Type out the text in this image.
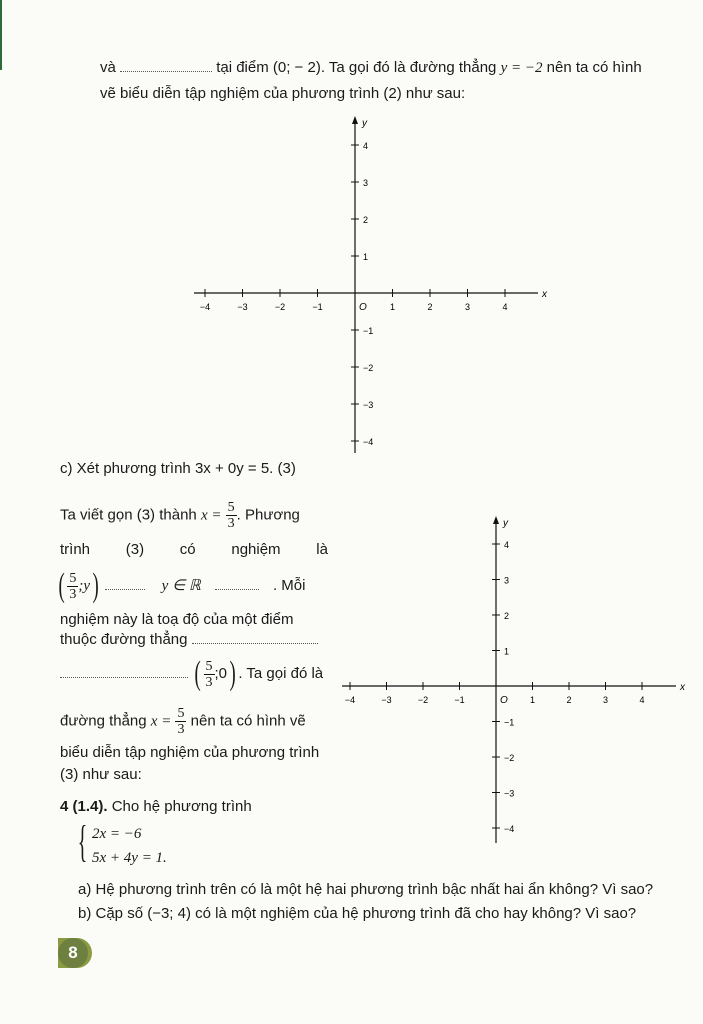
và	tại điểm (0; − 2). Ta gọi đó là đường thẳng y = −2 nên ta có hình
vẽ biểu diễn tập nghiệm của phương trình (2) như sau:
x
y
O
−4	−3	−2	−1	1	2	3	4
4
3
2
1
−1
−2
−3
−4
c) Xét phương trình 3x + 0y = 5. (3)
Ta viết gọn (3) thành $x = \frac{5}{3}$ . Phương
trình (3) có nghiệm là
( $\frac{5}{3}$ ;y)	y ∈ ℝ	. Mỗi
nghiệm này là toạ độ của một điểm
thuộc đường thẳng
( $\frac{5}{3}$ ;0) . Ta gọi đó là
đường thẳng $x = \frac{5}{3}$ nên ta có hình vẽ
biểu diễn tập nghiệm của phương trình
(3) như sau:
x
y
O
−4	−3	−2	−1	1	2	3	4
4
3
2
1
−1
−2
−3
−4
4 (1.4). Cho hệ phương trình
{ 2x = −6
5x + 4y = 1.
a) Hệ phương trình trên có là một hệ hai phương trình bậc nhất hai ẩn không? Vì sao?
b) Cặp số (−3; 4) có là một nghiệm của hệ phương trình đã cho hay không? Vì sao?
8
